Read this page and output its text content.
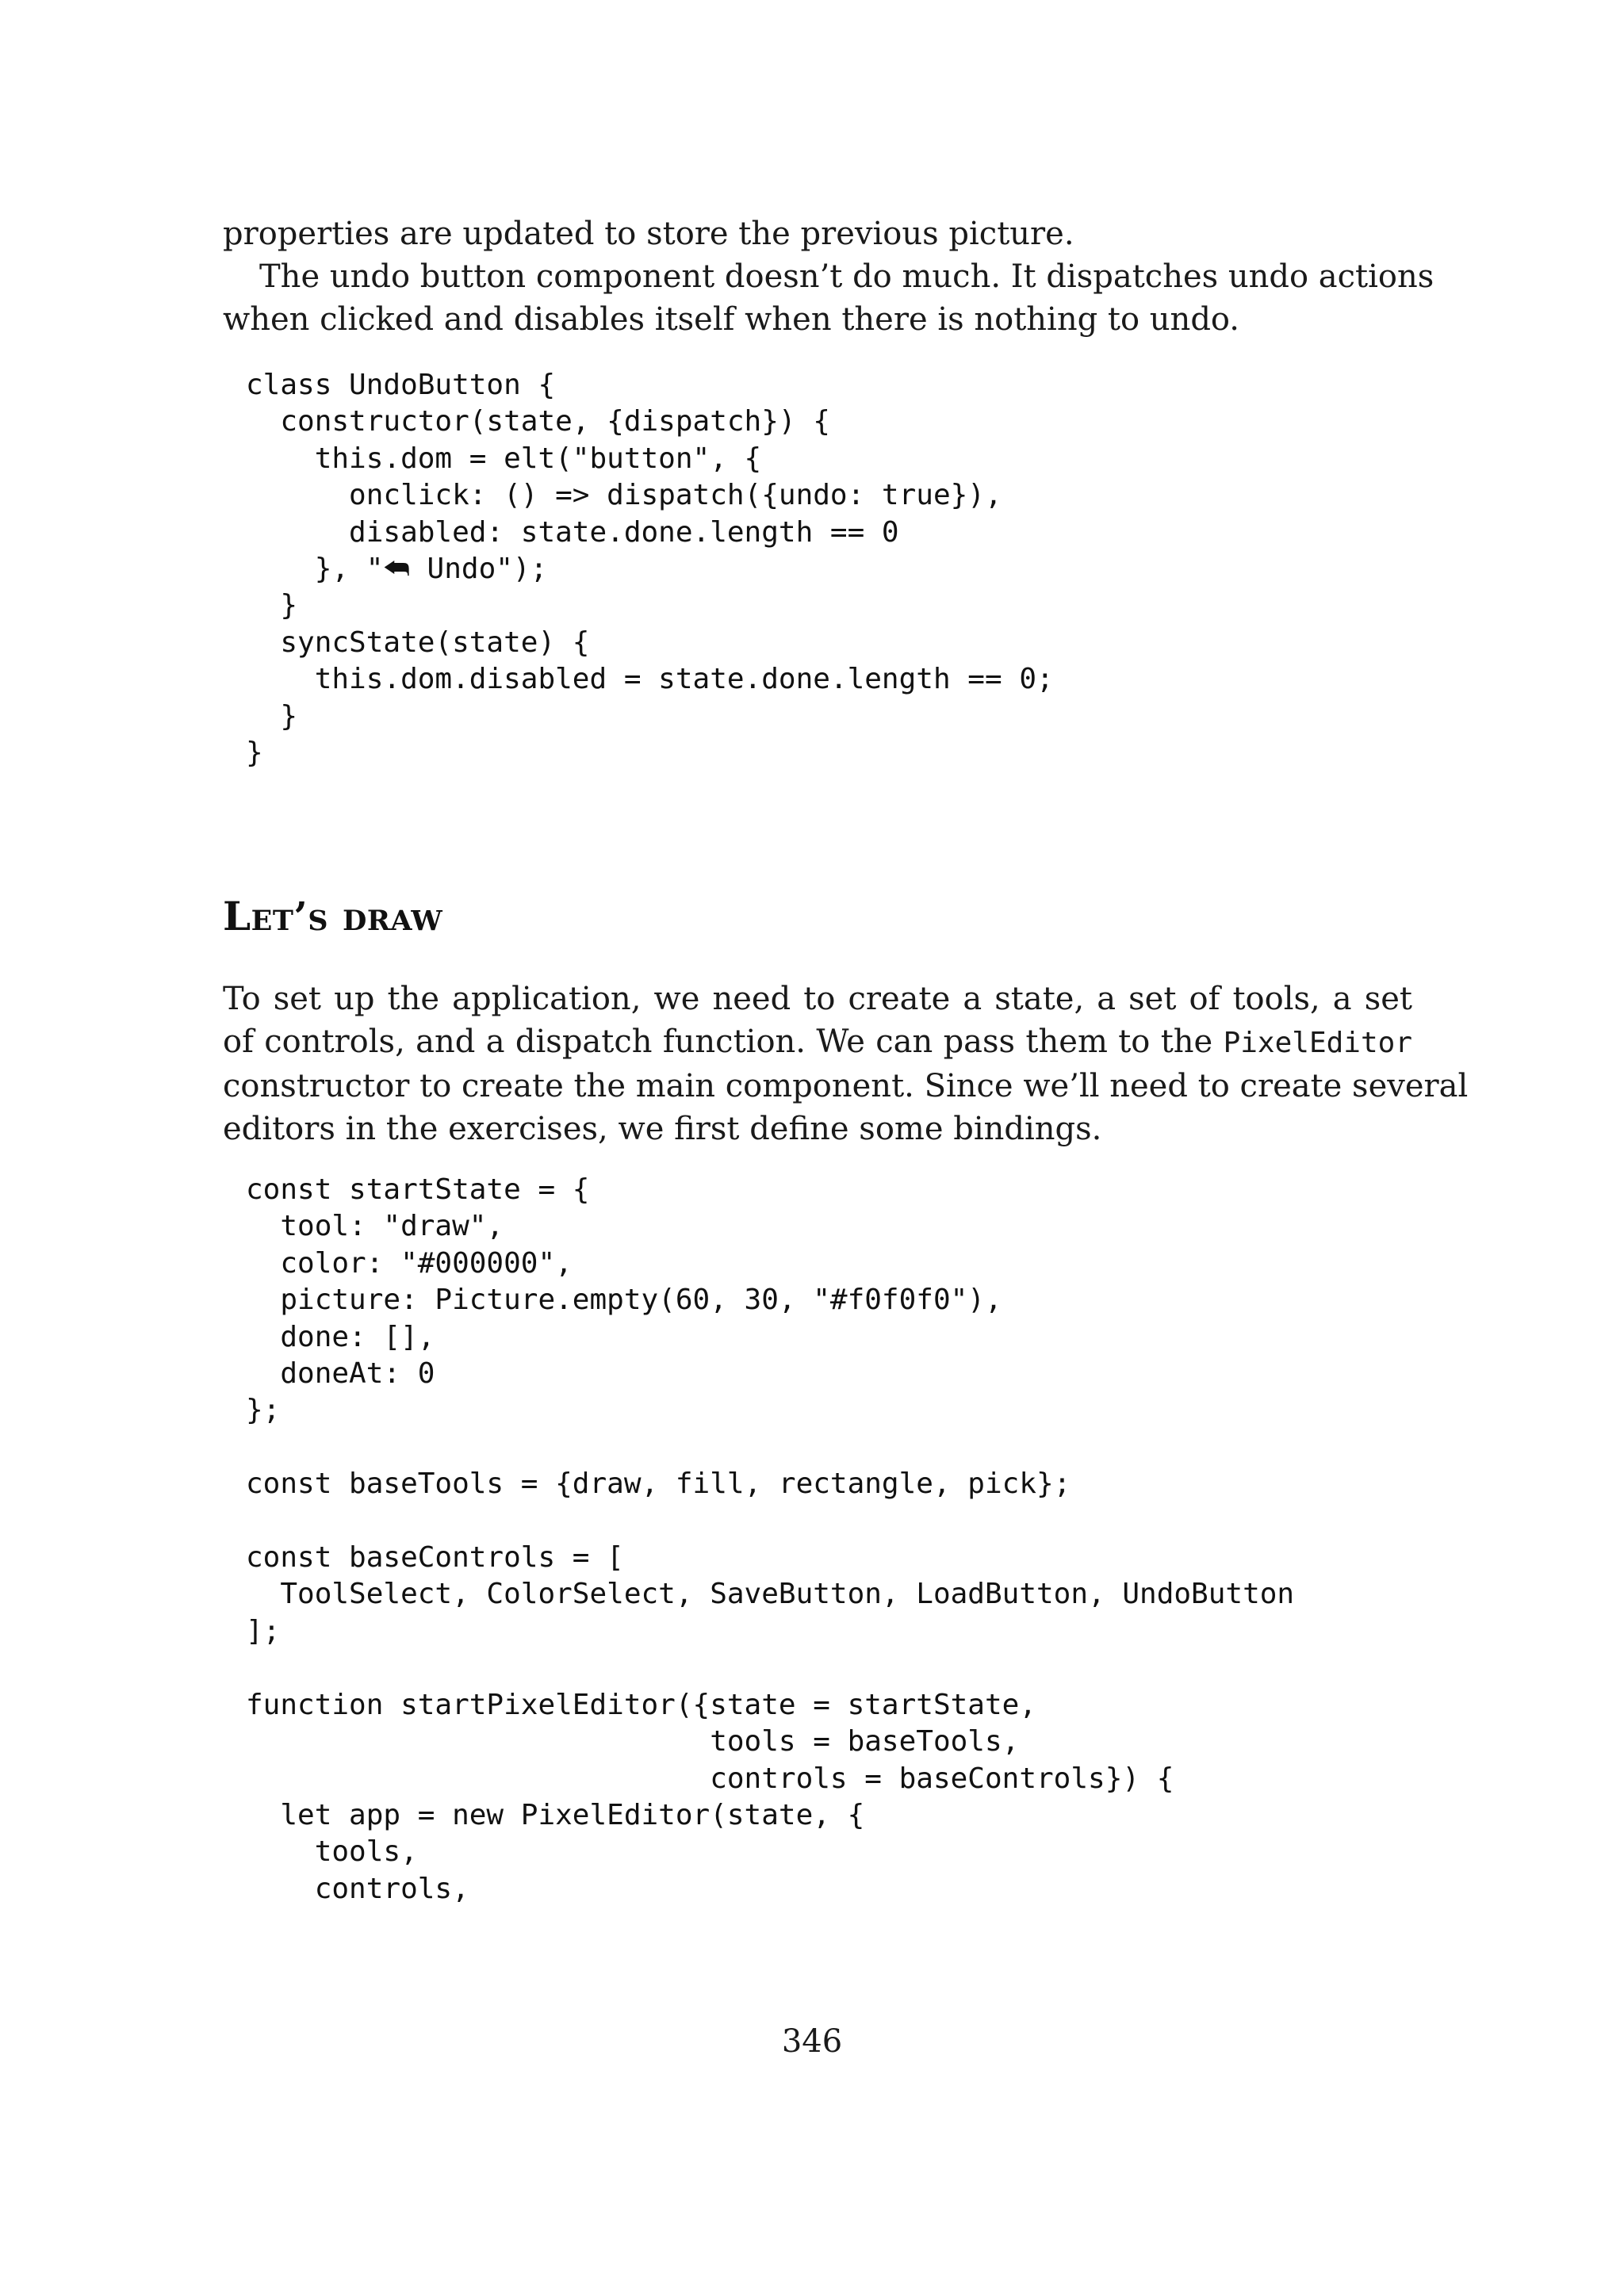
properties are updated to store the previous picture.
The undo button component doesn’t do much. It dispatches undo actions
when clicked and disables itself when there is nothing to undo.
class UndoButton {
constructor(state, {dispatch}) {
this.dom = elt("button", {
onclick: () => dispatch({undo: true}),
disabled: state.done.length == 0
}, "⮪ Undo");
}
syncState(state) {
this.dom.disabled = state.done.length == 0;
}
}
Let’s draw
To set up the application, we need to create a state, a set of tools, a set
of controls, and a dispatch function. We can pass them to the PixelEditor
constructor to create the main component. Since we’ll need to create several
editors in the exercises, we first define some bindings.
const startState = {
tool: "draw",
color: "#000000",
picture: Picture.empty(60, 30, "#f0f0f0"),
done: [],
doneAt: 0
};

const baseTools = {draw, fill, rectangle, pick};

const baseControls = [
ToolSelect, ColorSelect, SaveButton, LoadButton, UndoButton
];

function startPixelEditor({state = startState,
tools = baseTools,
controls = baseControls}) {
let app = new PixelEditor(state, {
tools,
controls,
346
